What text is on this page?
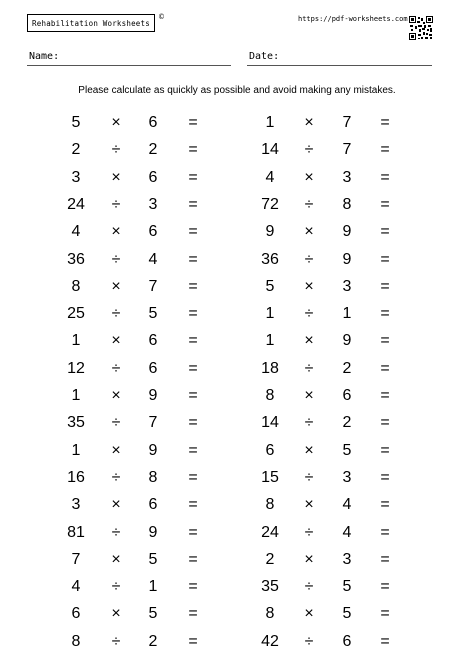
Rehabilitation Worksheets
©	https://pdf-worksheets.com
Name:	Date:
Please calculate as quickly as possible and avoid making any mistakes.
5	×	6	=
2	÷	2	=
3	×	6	=
24	÷	3	=
4	×	6	=
36	÷	4	=
8	×	7	=
25	÷	5	=
1	×	6	=
12	÷	6	=
1	×	9	=
35	÷	7	=
1	×	9	=
16	÷	8	=
3	×	6	=
81	÷	9	=
7	×	5	=
4	÷	1	=
6	×	5	=
8	÷	2	=
1	×	7	=
14	÷	7	=
4	×	3	=
72	÷	8	=
9	×	9	=
36	÷	9	=
5	×	3	=
1	÷	1	=
1	×	9	=
18	÷	2	=
8	×	6	=
14	÷	2	=
6	×	5	=
15	÷	3	=
8	×	4	=
24	÷	4	=
2	×	3	=
35	÷	5	=
8	×	5	=
42	÷	6	=
